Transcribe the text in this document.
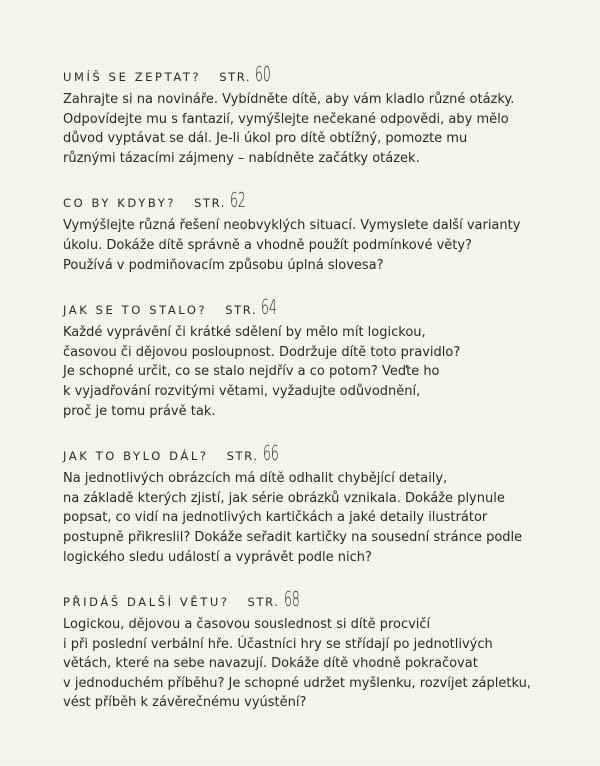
UMÍŠ SE ZEPTAT? STR. 60
Zahrajte si na novináře. Vybídněte dítě, aby vám kladlo různé otázky.
Odpovídejte mu s fantazií, vymýšlejte nečekané odpovědi, aby mělo
důvod vyptávat se dál. Je-li úkol pro dítě obtížný, pomozte mu
různými tázacími zájmeny – nabídněte začátky otázek.
CO BY KDYBY? STR. 62
Vymýšlejte různá řešení neobvyklých situací. Vymyslete další varianty
úkolu. Dokáže dítě správně a vhodně použít podmínkové věty?
Používá v podmiňovacím způsobu úplná slovesa?
JAK SE TO STALO? STR. 64
Každé vyprávění či krátké sdělení by mělo mít logickou,
časovou či dějovou posloupnost. Dodržuje dítě toto pravidlo?
Je schopné určit, co se stalo nejdřív a co potom? Veďte ho
k vyjadřování rozvitými větami, vyžadujte odůvodnění,
proč je tomu právě tak.
JAK TO BYLO DÁL? STR. 66
Na jednotlivých obrázcích má dítě odhalit chybějící detaily,
na základě kterých zjistí, jak série obrázků vznikala. Dokáže plynule
popsat, co vidí na jednotlivých kartičkách a jaké detaily ilustrátor
postupně přikreslil? Dokáže seřadit kartičky na sousední stránce podle
logického sledu událostí a vyprávět podle nich?
PŘIDÁŠ DALŠÍ VĚTU? STR. 68
Logickou, dějovou a časovou souslednost si dítě procvičí
i při poslední verbální hře. Účastníci hry se střídají po jednotlivých
větách, které na sebe navazují. Dokáže dítě vhodně pokračovat
v jednoduchém příběhu? Je schopné udržet myšlenku, rozvíjet zápletku,
vést příběh k závěrečnému vyústění?
